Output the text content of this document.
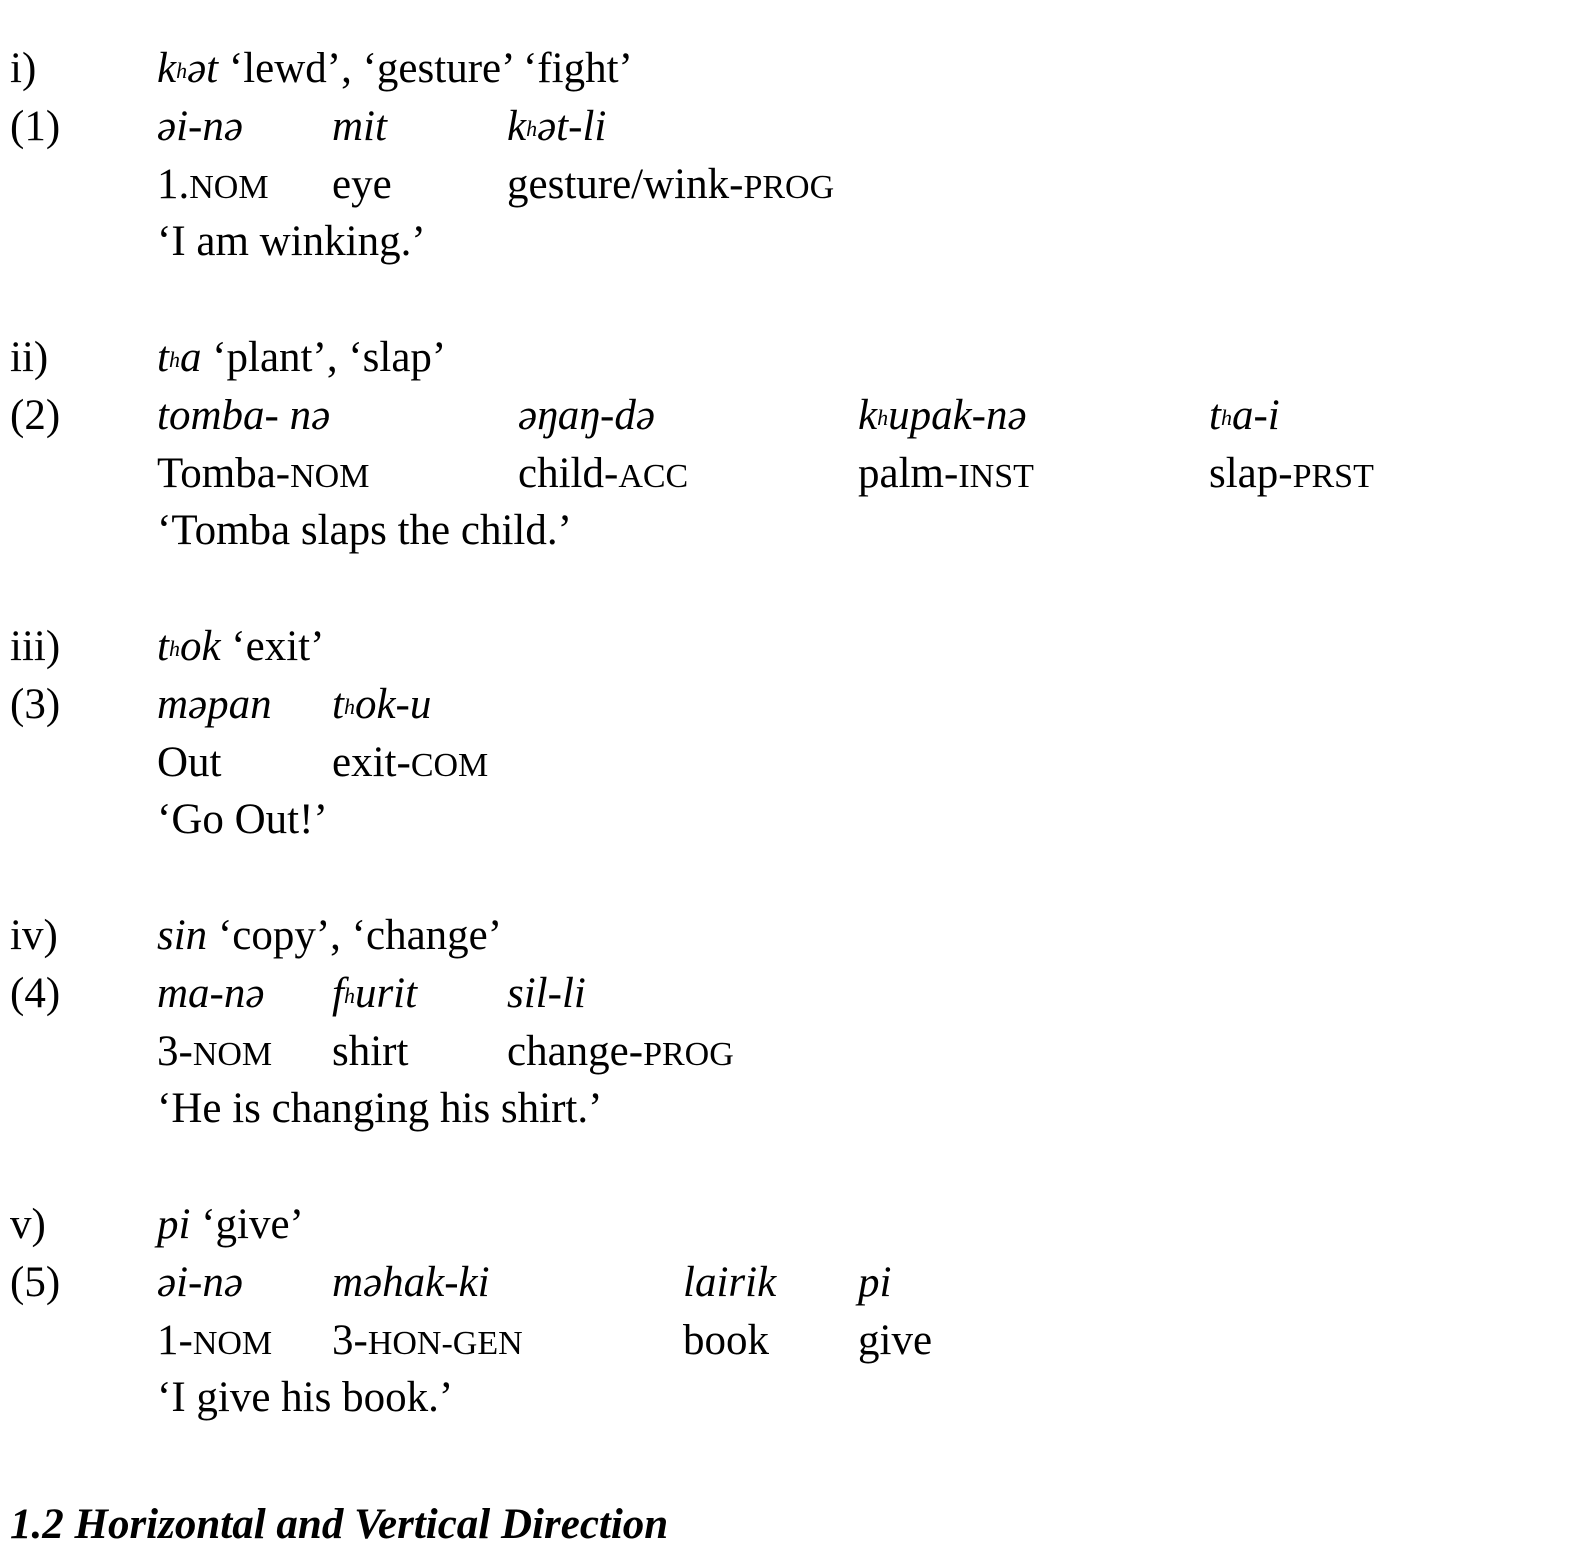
i)	$k^hət$ ‘lewd’, ‘gesture’ ‘fight’
(1) əi-nə mit	$k^hət-li$
1.NOM eye	gesture/wink-PROG
‘I am winking.’
ii)	$t^ha$ ‘plant’, ‘slap’
(2) tomba- nə	əŋaŋ-də	$k^hupak-nə$	$t^ha-i$
Tomba-NOM	child-ACC	palm-INST	slap-PRST
‘Tomba slaps the child.’
iii) $t^hok$ ‘exit’
(3) məpan $t^hok-u$
Out	exit-COM
‘Go Out!’
iv) sin ‘copy’, ‘change’
(4) ma-nə $f^hurit$ sil-li
3-NOM shirt change-PROG
‘He is changing his shirt.’
v)	pi ‘give’
(5) əi-nə məhak-ki	lairik pi
1-NOM 3-HON-GEN	book give
‘I give his book.’
1.2 Horizontal and Vertical Direction
